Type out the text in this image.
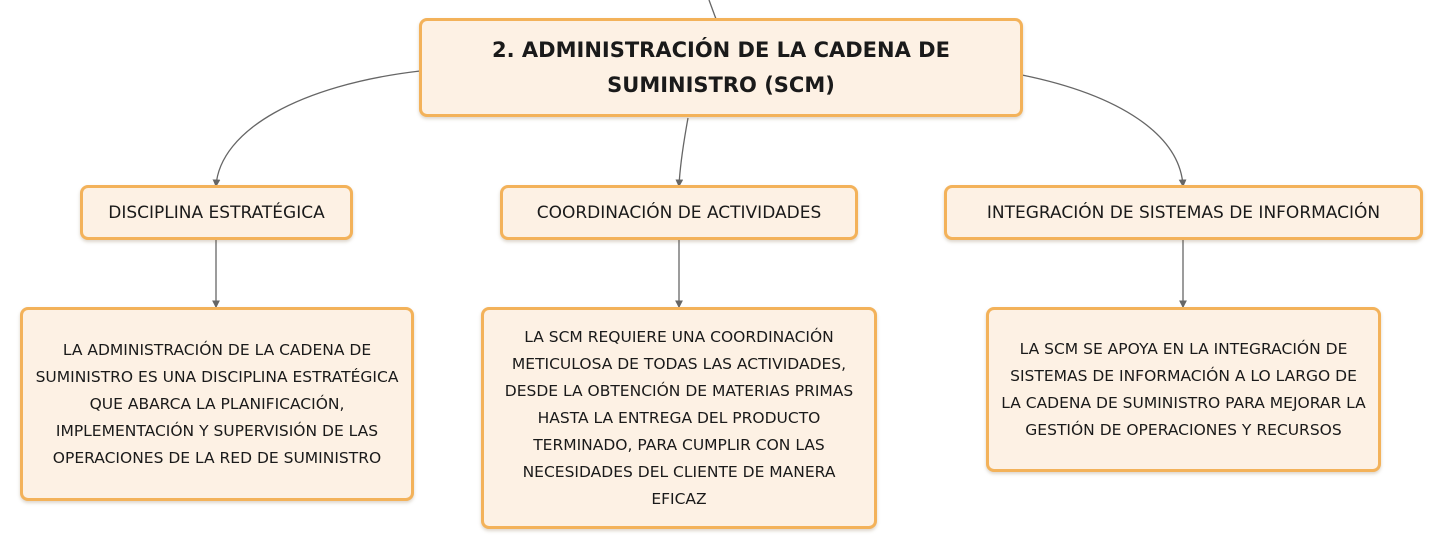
2. ADMINISTRACIÓN DE LA CADENA DE SUMINISTRO (SCM)
DISCIPLINA ESTRATÉGICA	COORDINACIÓN DE ACTIVIDADES	INTEGRACIÓN DE SISTEMAS DE INFORMACIÓN
LA ADMINISTRACIÓN DE LA CADENA DE SUMINISTRO ES UNA DISCIPLINA ESTRATÉGICA QUE ABARCA LA PLANIFICACIÓN, IMPLEMENTACIÓN Y SUPERVISIÓN DE LAS OPERACIONES DE LA RED DE SUMINISTRO
LA SCM REQUIERE UNA COORDINACIÓN METICULOSA DE TODAS LAS ACTIVIDADES, DESDE LA OBTENCIÓN DE MATERIAS PRIMAS HASTA LA ENTREGA DEL PRODUCTO TERMINADO, PARA CUMPLIR CON LAS NECESIDADES DEL CLIENTE DE MANERA EFICAZ
LA SCM SE APOYA EN LA INTEGRACIÓN DE SISTEMAS DE INFORMACIÓN A LO LARGO DE LA CADENA DE SUMINISTRO PARA MEJORAR LA GESTIÓN DE OPERACIONES Y RECURSOS
